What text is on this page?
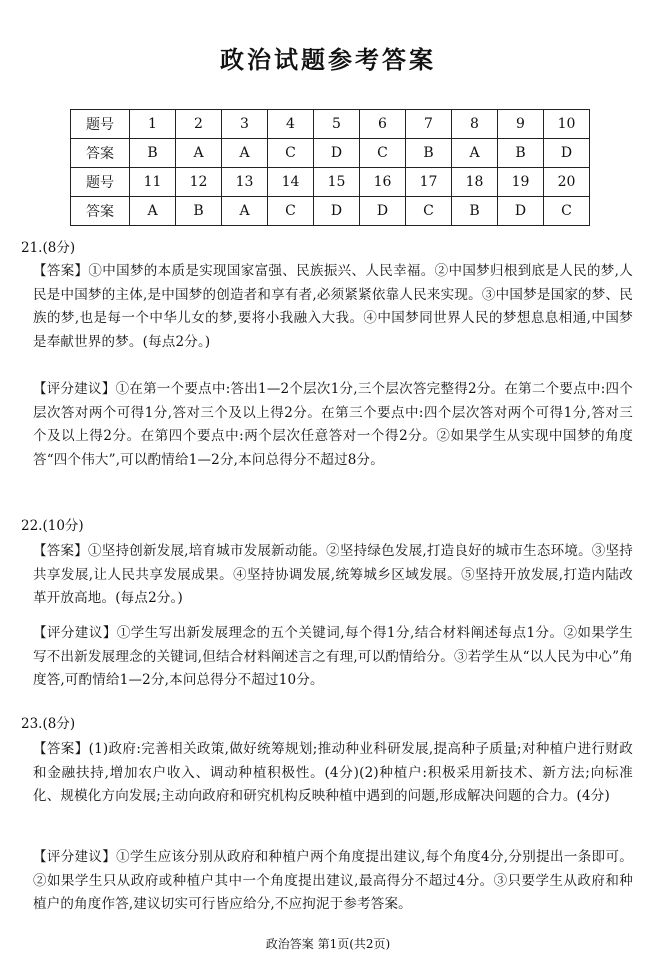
政治试题参考答案
题号	1	2	3	4	5	6	7	8	9	10
答案	B	A	A	C	D	C	B	A	B	D
题号	11	12	13	14	15	16	17	18	19	20
答案	A	B	A	C	D	D	C	B	D	C
21.(8分)
【答案】①中国梦的本质是实现国家富强、民族振兴、人民幸福。②中国梦归根到底是人民的梦,人民是中国梦的主体,是中国梦的创造者和享有者,必须紧紧依靠人民来实现。③中国梦是国家的梦、民族的梦,也是每一个中华儿女的梦,要将小我融入大我。④中国梦同世界人民的梦想息息相通,中国梦是奉献世界的梦。(每点2分。)
【评分建议】①在第一个要点中:答出1—2个层次1分,三个层次答完整得2分。在第二个要点中:四个层次答对两个可得1分,答对三个及以上得2分。在第三个要点中:四个层次答对两个可得1分,答对三个及以上得2分。在第四个要点中:两个层次任意答对一个得2分。②如果学生从实现中国梦的角度答“四个伟大”,可以酌情给1—2分,本问总得分不超过8分。
22.(10分)
【答案】①坚持创新发展,培育城市发展新动能。②坚持绿色发展,打造良好的城市生态环境。③坚持共享发展,让人民共享发展成果。④坚持协调发展,统筹城乡区域发展。⑤坚持开放发展,打造内陆改革开放高地。(每点2分。)
【评分建议】①学生写出新发展理念的五个关键词,每个得1分,结合材料阐述每点1分。②如果学生写不出新发展理念的关键词,但结合材料阐述言之有理,可以酌情给分。③若学生从“以人民为中心”角度答,可酌情给1—2分,本问总得分不超过10分。
23.(8分)
【答案】(1)政府:完善相关政策,做好统筹规划;推动种业科研发展,提高种子质量;对种植户进行财政和金融扶持,增加农户收入、调动种植积极性。(4分)(2)种植户:积极采用新技术、新方法;向标准化、规模化方向发展;主动向政府和研究机构反映种植中遇到的问题,形成解决问题的合力。(4分)
【评分建议】①学生应该分别从政府和种植户两个角度提出建议,每个角度4分,分别提出一条即可。②如果学生只从政府或种植户其中一个角度提出建议,最高得分不超过4分。③只要学生从政府和种植户的角度作答,建议切实可行皆应给分,不应拘泥于参考答案。
政治答案 第1页(共2页)
